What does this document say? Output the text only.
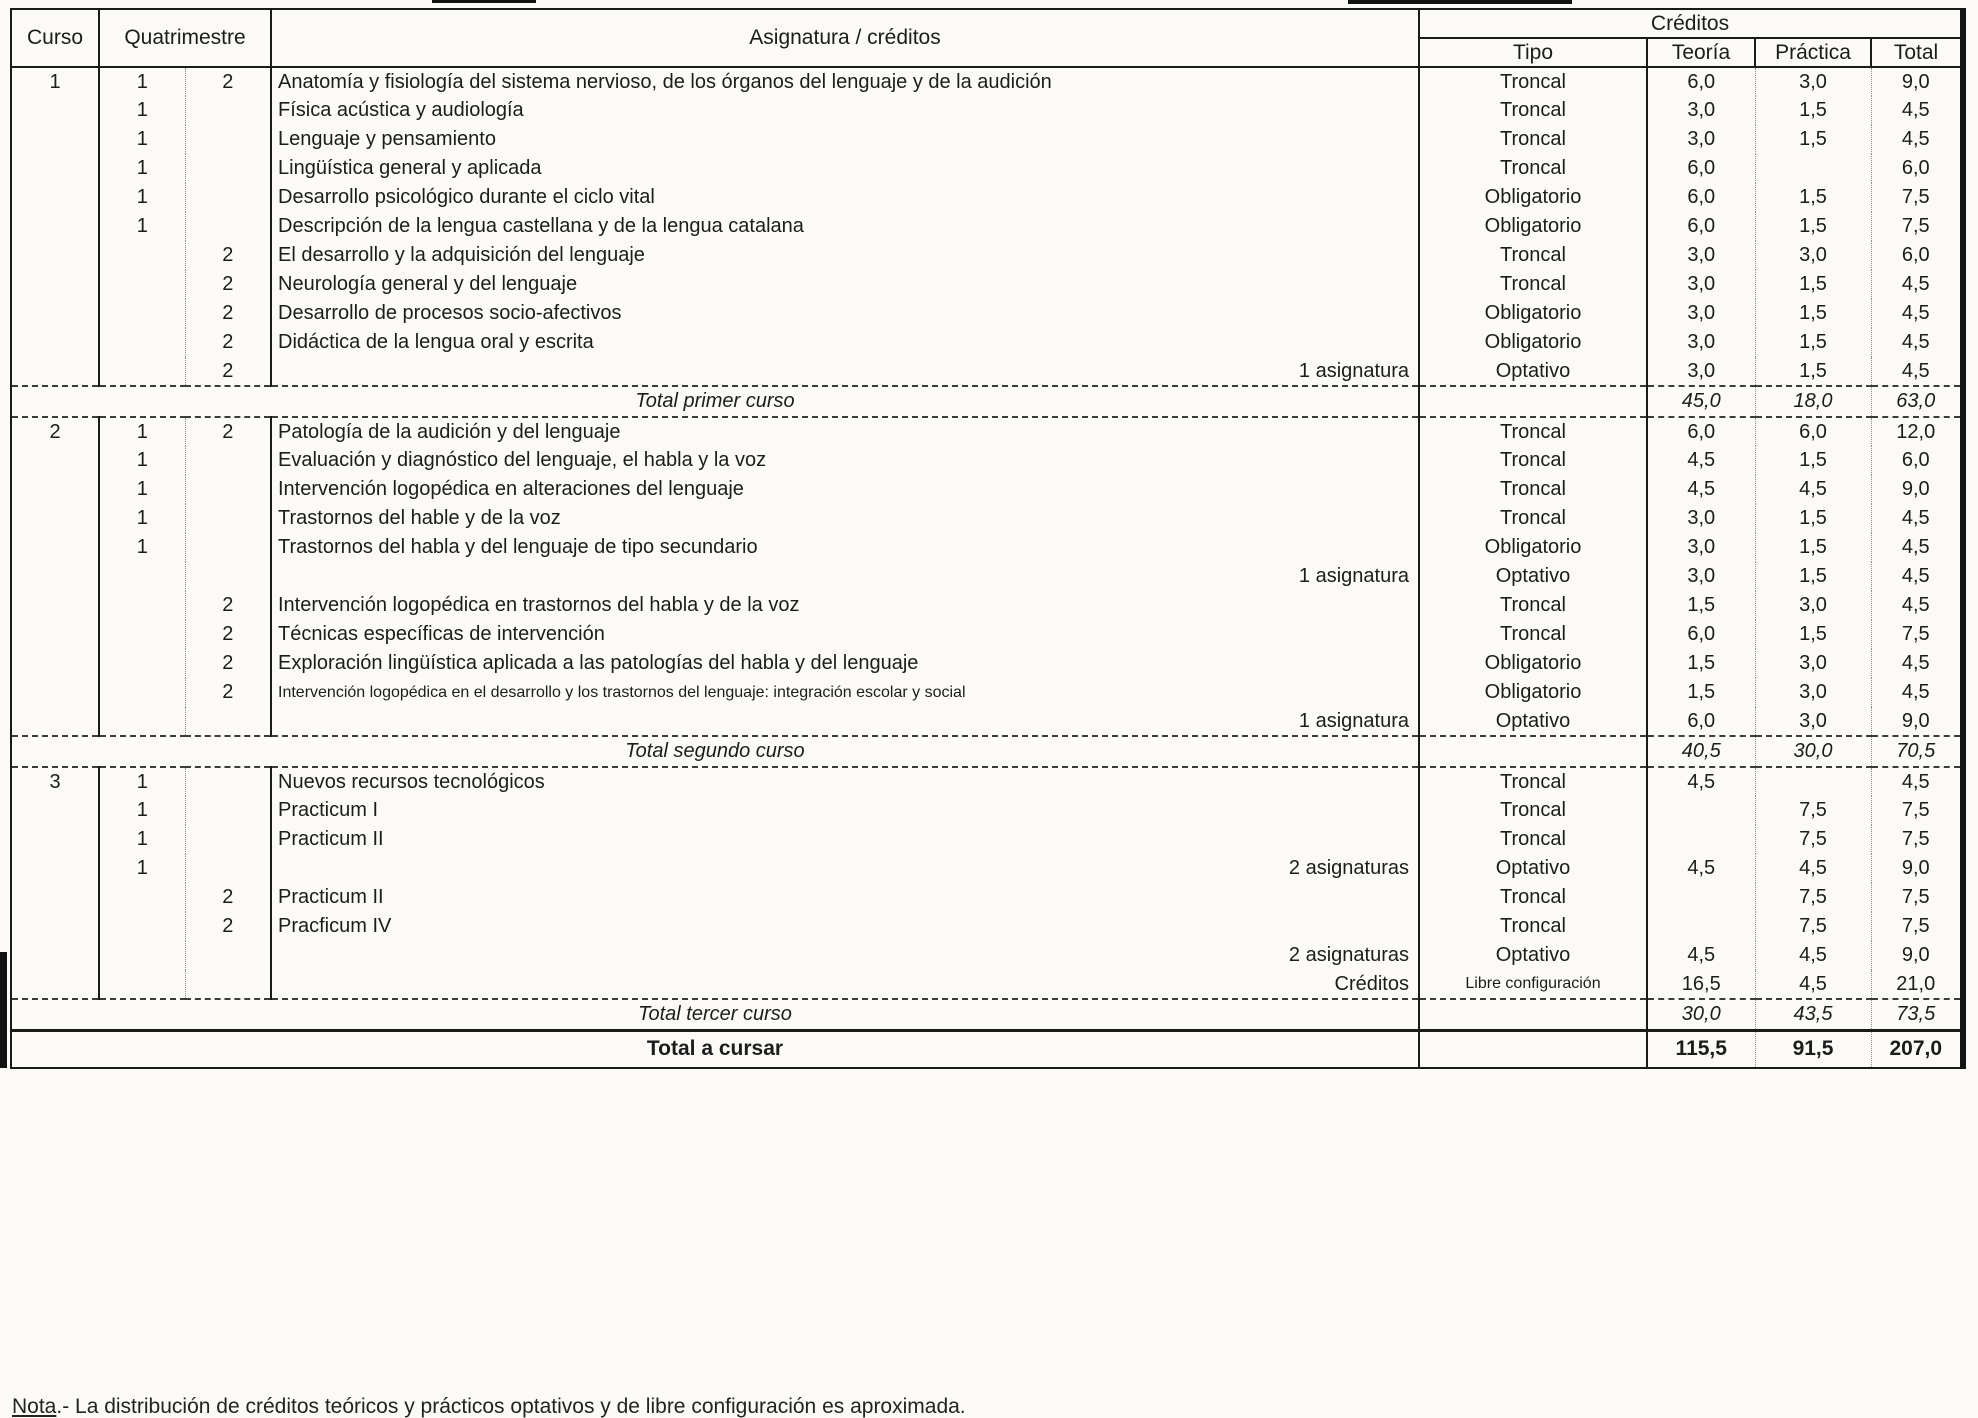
Curso	Quatrimestre		Asignatura / créditos	Créditos			
				Tipo	Teoría	Práctica	Total
1	1	2	Anatomía y fisiología del sistema nervioso, de los órganos del lenguaje y de la audición	Troncal	6,0	3,0	9,0
	1		Física acústica y audiología	Troncal	3,0	1,5	4,5
	1		Lenguaje y pensamiento	Troncal	3,0	1,5	4,5
	1		Lingüística general y aplicada	Troncal	6,0		6,0
	1		Desarrollo psicológico durante el ciclo vital	Obligatorio	6,0	1,5	7,5
	1		Descripción de la lengua castellana y de la lengua catalana	Obligatorio	6,0	1,5	7,5
		2	El desarrollo y la adquisición del lenguaje	Troncal	3,0	3,0	6,0
		2	Neurología general y del lenguaje	Troncal	3,0	1,5	4,5
		2	Desarrollo de procesos socio-afectivos	Obligatorio	3,0	1,5	4,5
		2	Didáctica de la lengua oral y escrita	Obligatorio	3,0	1,5	4,5
		2	1 asignatura	Optativo	3,0	1,5	4,5
Total primer curso					45,0	18,0	63,0
2	1	2	Patología de la audición y del lenguaje	Troncal	6,0	6,0	12,0
	1		Evaluación y diagnóstico del lenguaje, el habla y la voz	Troncal	4,5	1,5	6,0
	1		Intervención logopédica en alteraciones del lenguaje	Troncal	4,5	4,5	9,0
	1		Trastornos del hable y de la voz	Troncal	3,0	1,5	4,5
	1		Trastornos del habla y del lenguaje de tipo secundario	Obligatorio	3,0	1,5	4,5
			1 asignatura	Optativo	3,0	1,5	4,5
		2	Intervención logopédica en trastornos del habla y de la voz	Troncal	1,5	3,0	4,5
		2	Técnicas específicas de intervención	Troncal	6,0	1,5	7,5
		2	Exploración lingüística aplicada a las patologías del habla y del lenguaje	Obligatorio	1,5	3,0	4,5
		2	Intervención logopédica en el desarrollo y los trastornos del lenguaje: integración escolar y social	Obligatorio	1,5	3,0	4,5
			1 asignatura	Optativo	6,0	3,0	9,0
Total segundo curso					40,5	30,0	70,5
3	1		Nuevos recursos tecnológicos	Troncal	4,5		4,5
	1		Practicum I	Troncal		7,5	7,5
	1		Practicum II	Troncal		7,5	7,5
	1		2 asignaturas	Optativo	4,5	4,5	9,0
		2	Practicum II	Troncal		7,5	7,5
		2	Pracficum IV	Troncal		7,5	7,5
			2 asignaturas	Optativo	4,5	4,5	9,0
			Créditos	Libre configuración	16,5	4,5	21,0
Total tercer curso					30,0	43,5	73,5
Total a cursar					115,5	91,5	207,0

Nota.- La distribución de créditos teóricos y prácticos optativos y de libre configuración es aproximada.
